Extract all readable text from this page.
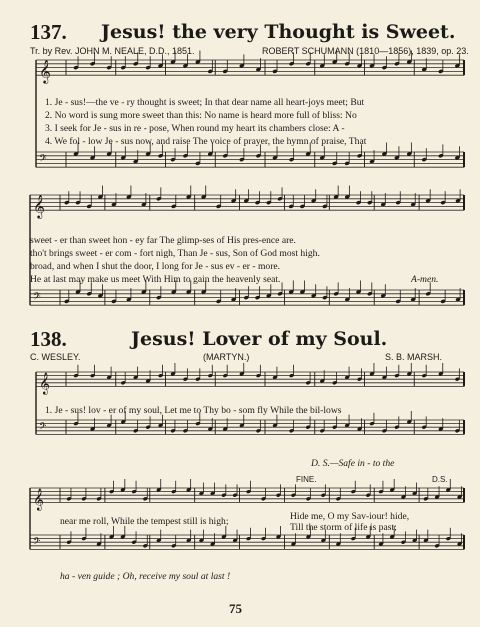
137. Jesus! the very Thought is Sweet.
Tr. by Rev. JOHN M. NEALE, D.D., 1851.	ROBERT SCHUMANN (1810—1856), 1839, op. 23.
𝄞
𝄢
𝄞
𝄢
𝄞
𝄢
𝄞
𝄢
1. Je - sus!—the ve - ry thought is sweet; In that dear name all heart-joys meet; But
2. No word is sung more sweet than this: No name is heard more full of bliss: No
3. I seek for Je - sus in re - pose, When round my heart its chambers close: A -
4. We fol - low Je - sus now, and raise The voice of prayer, the hymn of praise, That
sweet - er than sweet hon - ey far The glimp-ses of His pres-ence are.
tho't brings sweet - er com - fort nigh, Than Je - sus, Son of God most high.
broad, and when I shut the door, I long for Je - sus ev - er - more.
He at last may make us meet With Him to gain the heavenly seat.	A-men.
138.	Jesus! Lover of my Soul.
C. WESLEY.	(MARTYN.)	S. B. MARSH.
1. Je - sus! lov - er of my soul, Let me to Thy bo - som fly While the bil-lows
D. S.—Safe in - to the
FINE.	D.S.
near me roll, While the tempest still is high;	Hide me, O my Sav-iour! hide,
Till the storm of life is past;
ha - ven guide ; Oh, receive my soul at last !
75
